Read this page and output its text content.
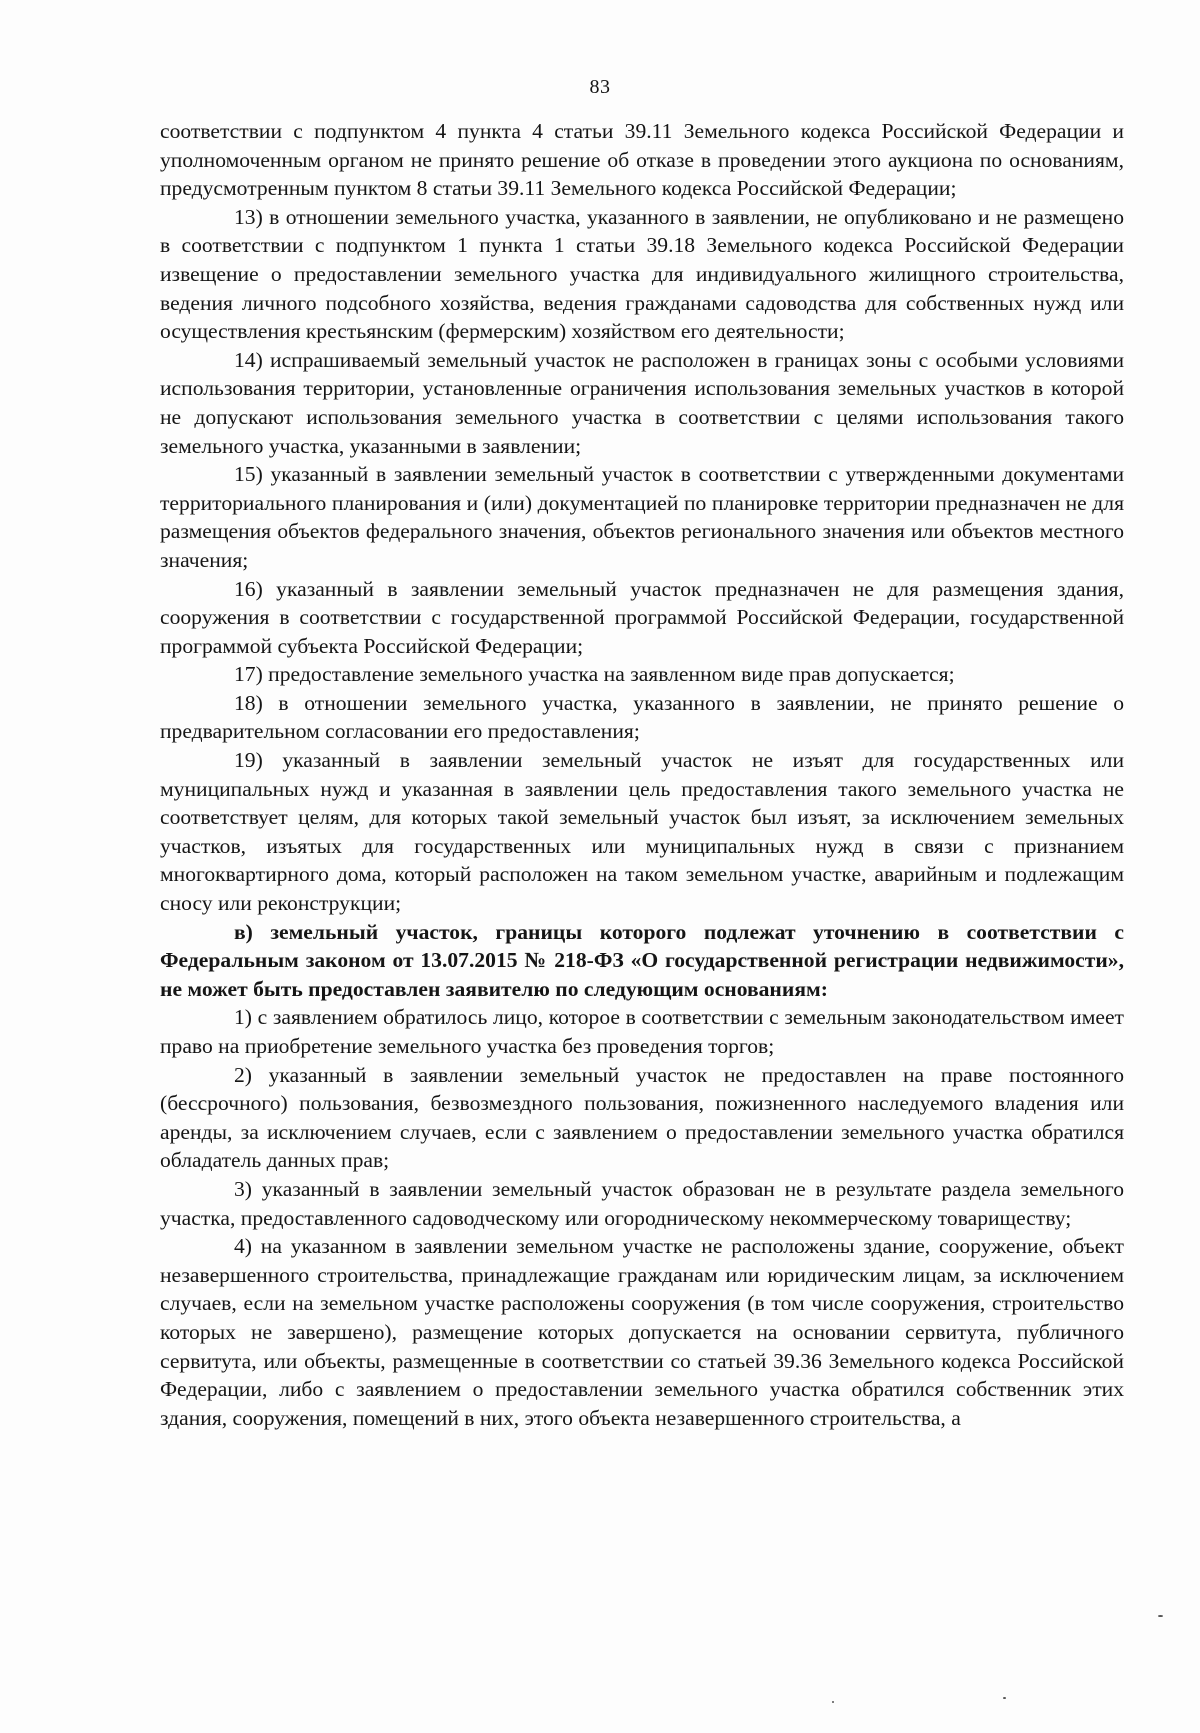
83

соответствии с подпунктом 4 пункта 4 статьи 39.11 Земельного кодекса Российской Федерации и уполномоченным органом не принято решение об отказе в проведении этого аукциона по основаниям, предусмотренным пунктом 8 статьи 39.11 Земельного кодекса Российской Федерации;

13) в отношении земельного участка, указанного в заявлении, не опубликовано и не размещено в соответствии с подпунктом 1 пункта 1 статьи 39.18 Земельного кодекса Российской Федерации извещение о предоставлении земельного участка для индивидуального жилищного строительства, ведения личного подсобного хозяйства, ведения гражданами садоводства для собственных нужд или осуществления крестьянским (фермерским) хозяйством его деятельности;

14) испрашиваемый земельный участок не расположен в границах зоны с особыми условиями использования территории, установленные ограничения использования земельных участков в которой не допускают использования земельного участка в соответствии с целями использования такого земельного участка, указанными в заявлении;

15) указанный в заявлении земельный участок в соответствии с утвержденными документами территориального планирования и (или) документацией по планировке территории предназначен не для размещения объектов федерального значения, объектов регионального значения или объектов местного значения;

16) указанный в заявлении земельный участок предназначен не для размещения здания, сооружения в соответствии с государственной программой Российской Федерации, государственной программой субъекта Российской Федерации;

17) предоставление земельного участка на заявленном виде прав допускается;

18) в отношении земельного участка, указанного в заявлении, не принято решение о предварительном согласовании его предоставления;

19) указанный в заявлении земельный участок не изъят для государственных или муниципальных нужд и указанная в заявлении цель предоставления такого земельного участка не соответствует целям, для которых такой земельный участок был изъят, за исключением земельных участков, изъятых для государственных или муниципальных нужд в связи с признанием многоквартирного дома, который расположен на таком земельном участке, аварийным и подлежащим сносу или реконструкции;

в) земельный участок, границы которого подлежат уточнению в соответствии с Федеральным законом от 13.07.2015 № 218-ФЗ «О государственной регистрации недвижимости», не может быть предоставлен заявителю по следующим основаниям:

1) с заявлением обратилось лицо, которое в соответствии с земельным законодательством имеет право на приобретение земельного участка без проведения торгов;

2) указанный в заявлении земельный участок не предоставлен на праве постоянного (бессрочного) пользования, безвозмездного пользования, пожизненного наследуемого владения или аренды, за исключением случаев, если с заявлением о предоставлении земельного участка обратился обладатель данных прав;

3) указанный в заявлении земельный участок образован не в результате раздела земельного участка, предоставленного садоводческому или огородническому некоммерческому товариществу;

4) на указанном в заявлении земельном участке не расположены здание, сооружение, объект незавершенного строительства, принадлежащие гражданам или юридическим лицам, за исключением случаев, если на земельном участке расположены сооружения (в том числе сооружения, строительство которых не завершено), размещение которых допускается на основании сервитута, публичного сервитута, или объекты, размещенные в соответствии со статьей 39.36 Земельного кодекса Российской Федерации, либо с заявлением о предоставлении земельного участка обратился собственник этих здания, сооружения, помещений в них, этого объекта незавершенного строительства, а
